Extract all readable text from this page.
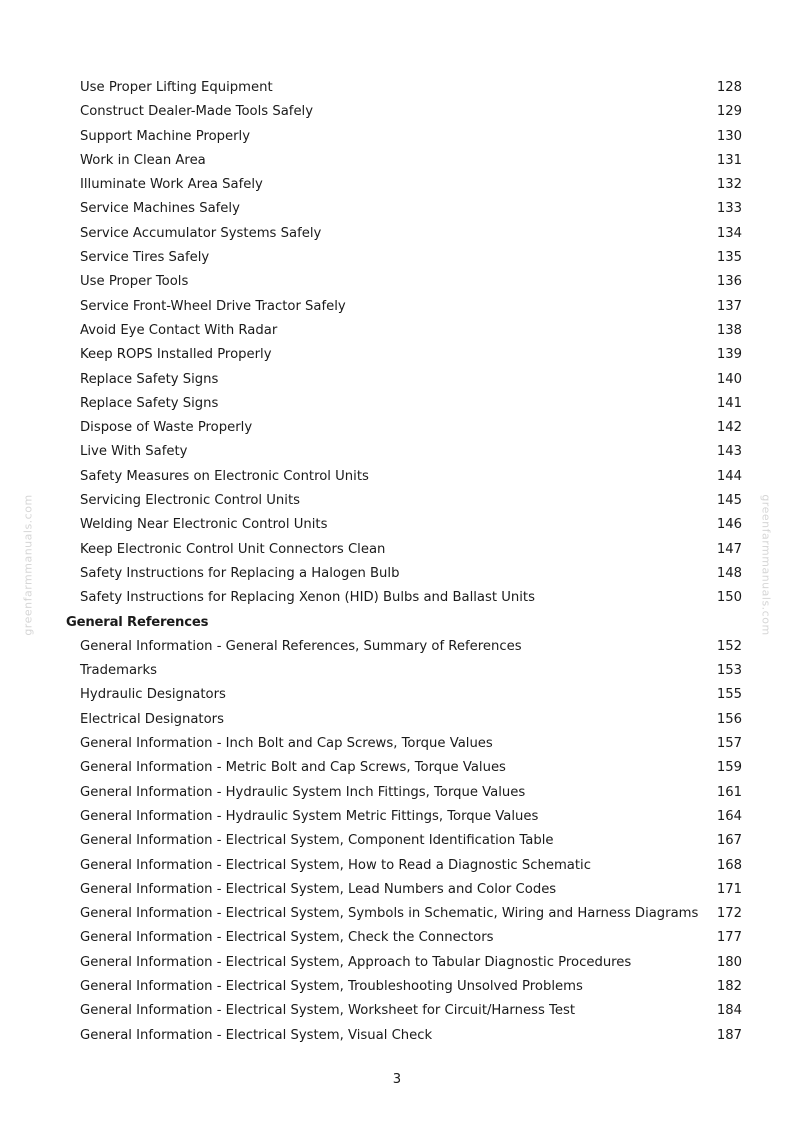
greenfarmmanuals.com	greenfarmmanuals.com
Use Proper Lifting Equipment	128
Construct Dealer-Made Tools Safely	129
Support Machine Properly	130
Work in Clean Area	131
Illuminate Work Area Safely	132
Service Machines Safely	133
Service Accumulator Systems Safely	134
Service Tires Safely	135
Use Proper Tools	136
Service Front-Wheel Drive Tractor Safely	137
Avoid Eye Contact With Radar	138
Keep ROPS Installed Properly	139
Replace Safety Signs	140
Replace Safety Signs	141
Dispose of Waste Properly	142
Live With Safety	143
Safety Measures on Electronic Control Units	144
Servicing Electronic Control Units	145
Welding Near Electronic Control Units	146
Keep Electronic Control Unit Connectors Clean	147
Safety Instructions for Replacing a Halogen Bulb	148
Safety Instructions for Replacing Xenon (HID) Bulbs and Ballast Units	150
General References
General Information - General References, Summary of References	152
Trademarks	153
Hydraulic Designators	155
Electrical Designators	156
General Information - Inch Bolt and Cap Screws, Torque Values	157
General Information - Metric Bolt and Cap Screws, Torque Values	159
General Information - Hydraulic System Inch Fittings, Torque Values	161
General Information - Hydraulic System Metric Fittings, Torque Values	164
General Information - Electrical System, Component Identification Table	167
General Information - Electrical System, How to Read a Diagnostic Schematic	168
General Information - Electrical System, Lead Numbers and Color Codes	171
General Information - Electrical System, Symbols in Schematic, Wiring and Harness Diagrams 172
General Information - Electrical System, Check the Connectors	177
General Information - Electrical System, Approach to Tabular Diagnostic Procedures	180
General Information - Electrical System, Troubleshooting Unsolved Problems	182
General Information - Electrical System, Worksheet for Circuit/Harness Test	184
General Information - Electrical System, Visual Check	187
3
